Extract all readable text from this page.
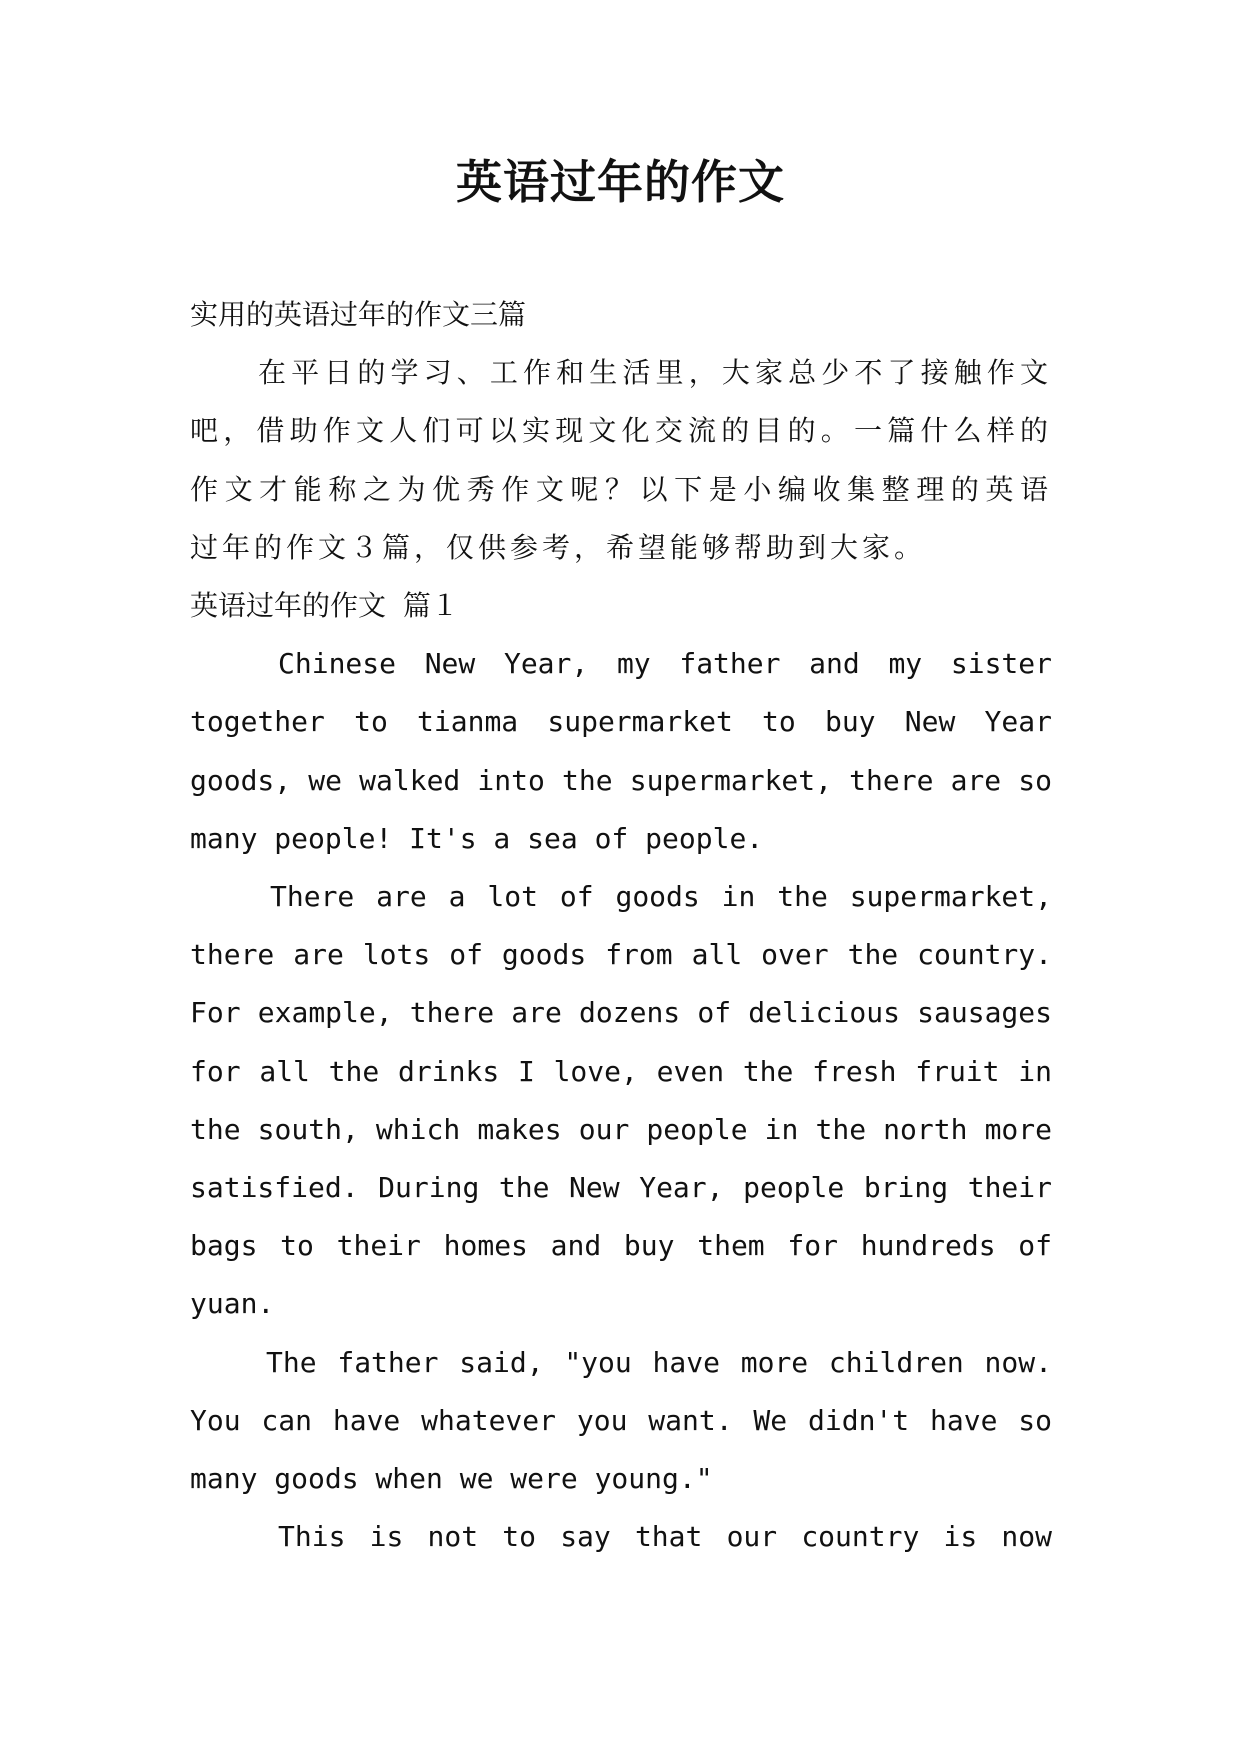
英语过年的作文

实用的英语过年的作文三篇

在平日的学习、工作和生活里，大家总少不了接触作文

吧，借助作文人们可以实现文化交流的目的。一篇什么样的

作文才能称之为优秀作文呢？以下是小编收集整理的英语

过年的作文３篇，仅供参考，希望能够帮助到大家。

英语过年的作文 篇１

Chinese New Year, my father and my sister

together to tianma supermarket to buy New Year

goods, we walked into the supermarket, there are so

many people! It's a sea of people.

There are a lot of goods in the supermarket,

there are lots of goods from all over the country.

For example, there are dozens of delicious sausages

for all the drinks I love, even the fresh fruit in

the south, which makes our people in the north more

satisfied. During the New Year, people bring their

bags to their homes and buy them for hundreds of

yuan.

The father said, "you have more children now.

You can have whatever you want. We didn't have so

many goods when we were young."

This is not to say that our country is now
